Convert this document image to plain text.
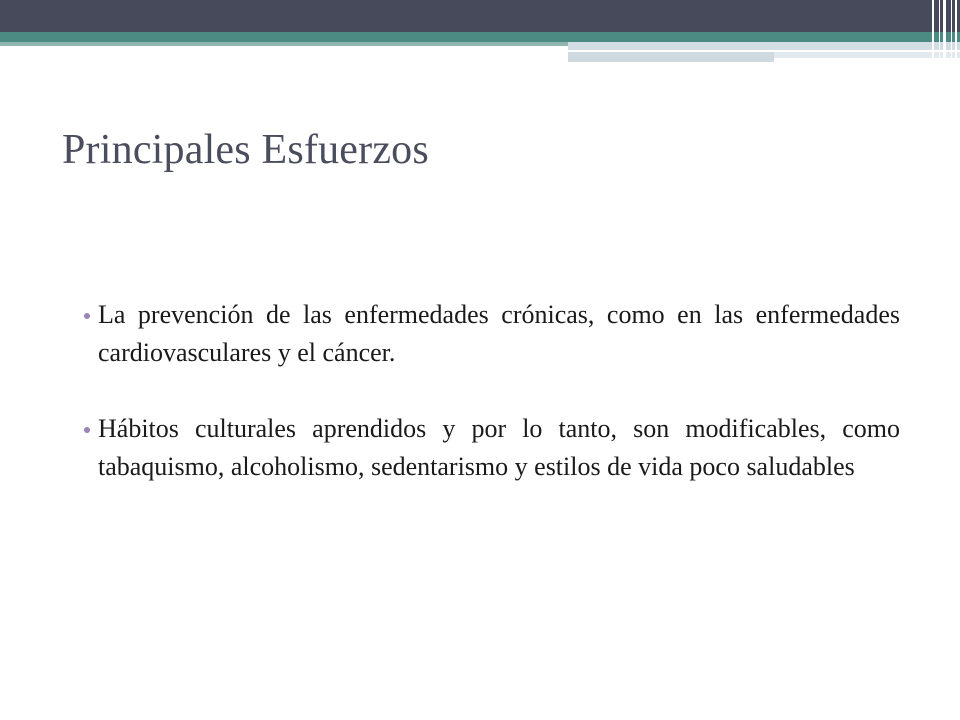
Principales Esfuerzos
La prevención de las enfermedades crónicas, como en las enfermedades cardiovasculares y el cáncer.
Hábitos culturales aprendidos y por lo tanto, son modificables, como tabaquismo, alcoholismo, sedentarismo y estilos de vida poco saludables
